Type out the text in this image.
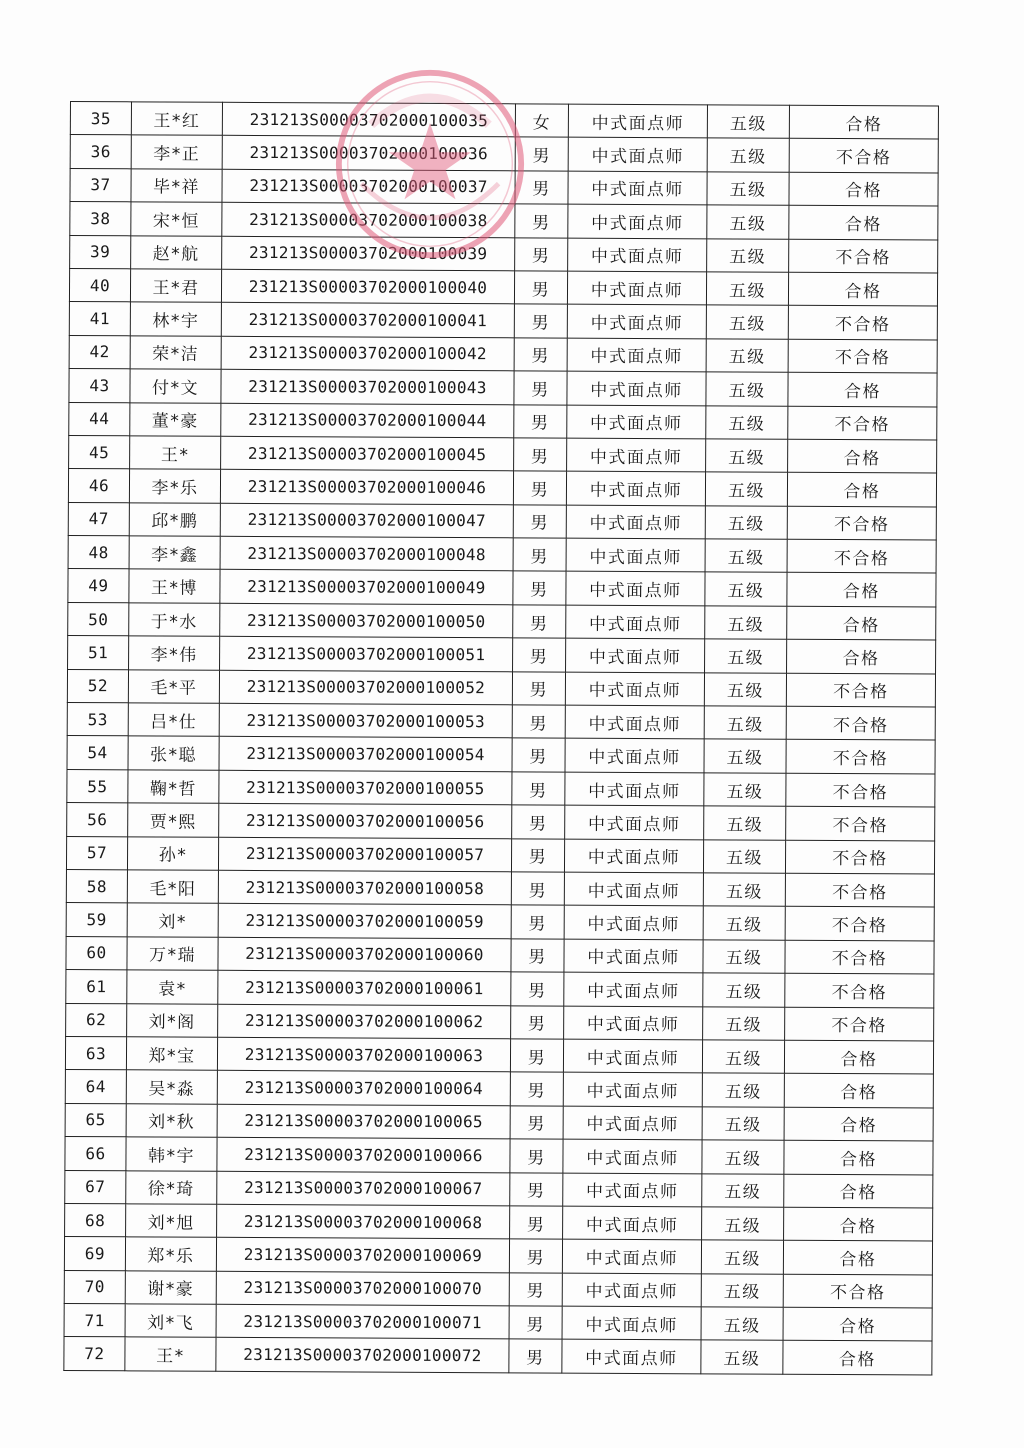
35	王*红	231213S00003702000100035	女	中式面点师	五级	合格
36	李*正	231213S00003702000100036	男	中式面点师	五级	不合格
37	毕*祥	231213S00003702000100037	男	中式面点师	五级	合格
38	宋*恒	231213S00003702000100038	男	中式面点师	五级	合格
39	赵*航	231213S00003702000100039	男	中式面点师	五级	不合格
40	王*君	231213S00003702000100040	男	中式面点师	五级	合格
41	林*宇	231213S00003702000100041	男	中式面点师	五级	不合格
42	荣*洁	231213S00003702000100042	男	中式面点师	五级	不合格
43	付*文	231213S00003702000100043	男	中式面点师	五级	合格
44	董*豪	231213S00003702000100044	男	中式面点师	五级	不合格
45	王*	231213S00003702000100045	男	中式面点师	五级	合格
46	李*乐	231213S00003702000100046	男	中式面点师	五级	合格
47	邱*鹏	231213S00003702000100047	男	中式面点师	五级	不合格
48	李*鑫	231213S00003702000100048	男	中式面点师	五级	不合格
49	王*博	231213S00003702000100049	男	中式面点师	五级	合格
50	于*水	231213S00003702000100050	男	中式面点师	五级	合格
51	李*伟	231213S00003702000100051	男	中式面点师	五级	合格
52	毛*平	231213S00003702000100052	男	中式面点师	五级	不合格
53	吕*仕	231213S00003702000100053	男	中式面点师	五级	不合格
54	张*聪	231213S00003702000100054	男	中式面点师	五级	不合格
55	鞠*哲	231213S00003702000100055	男	中式面点师	五级	不合格
56	贾*熙	231213S00003702000100056	男	中式面点师	五级	不合格
57	孙*	231213S00003702000100057	男	中式面点师	五级	不合格
58	毛*阳	231213S00003702000100058	男	中式面点师	五级	不合格
59	刘*	231213S00003702000100059	男	中式面点师	五级	不合格
60	万*瑞	231213S00003702000100060	男	中式面点师	五级	不合格
61	袁*	231213S00003702000100061	男	中式面点师	五级	不合格
62	刘*阁	231213S00003702000100062	男	中式面点师	五级	不合格
63	郑*宝	231213S00003702000100063	男	中式面点师	五级	合格
64	吴*淼	231213S00003702000100064	男	中式面点师	五级	合格
65	刘*秋	231213S00003702000100065	男	中式面点师	五级	合格
66	韩*宇	231213S00003702000100066	男	中式面点师	五级	合格
67	徐*琦	231213S00003702000100067	男	中式面点师	五级	合格
68	刘*旭	231213S00003702000100068	男	中式面点师	五级	合格
69	郑*乐	231213S00003702000100069	男	中式面点师	五级	合格
70	谢*豪	231213S00003702000100070	男	中式面点师	五级	不合格
71	刘*飞	231213S00003702000100071	男	中式面点师	五级	合格
72	王*	231213S00003702000100072	男	中式面点师	五级	合格
